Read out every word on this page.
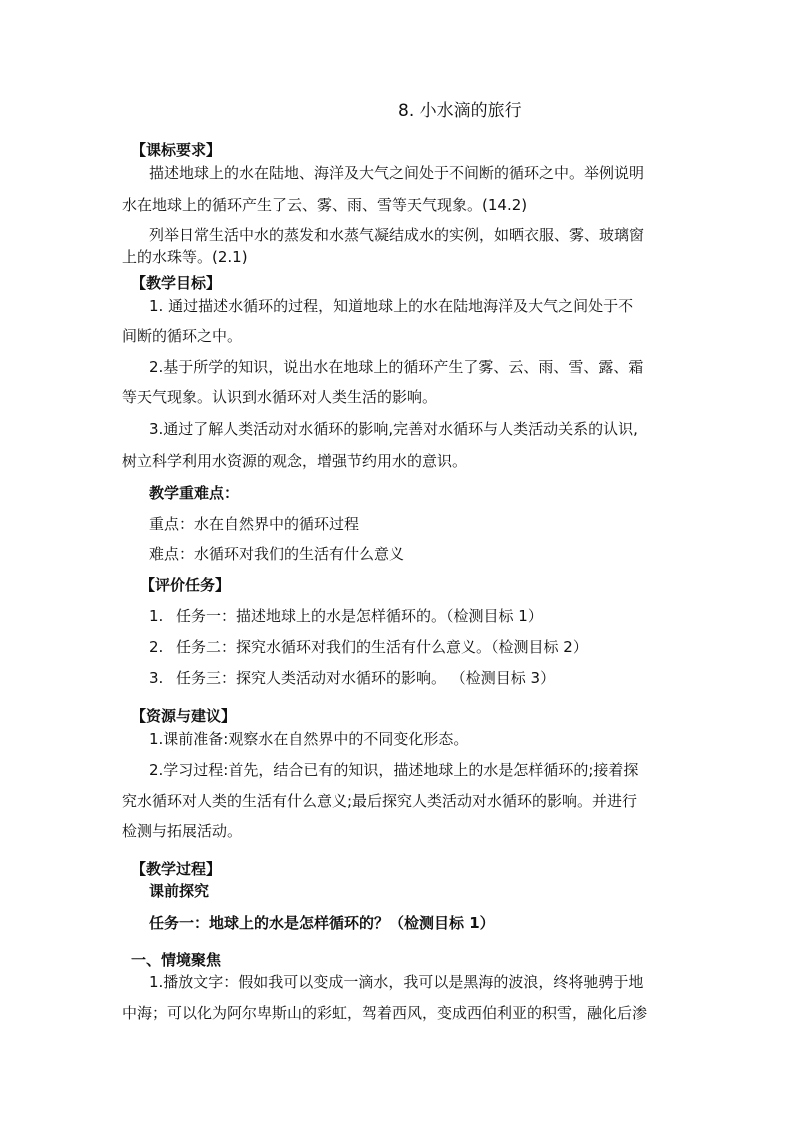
8. 小水滴的旅行
【课标要求】
描述地球上的水在陆地、海洋及大气之间处于不间断的循环之中。举例说明
水在地球上的循环产生了云、雾、雨、雪等天气现象。(14.2)
列举日常生活中水的蒸发和水蒸气凝结成水的实例，如晒衣服、雾、玻璃窗
上的水珠等。(2.1)
【教学目标】
1. 通过描述水循环的过程，知道地球上的水在陆地海洋及大气之间处于不
间断的循环之中。
2.基于所学的知识，说出水在地球上的循环产生了雾、云、雨、雪、露、霜
等天气现象。认识到水循环对人类生活的影响。
3.通过了解人类活动对水循环的影响,完善对水循环与人类活动关系的认识,
树立科学利用水资源的观念，增强节约用水的意识。
教学重难点：
重点：水在自然界中的循环过程
难点：水循环对我们的生活有什么意义
【评价任务】
1. 任务一：描述地球上的水是怎样循环的。（检测目标 1）
2. 任务二：探究水循环对我们的生活有什么意义。（检测目标 2）
3. 任务三：探究人类活动对水循环的影响。 （检测目标 3）
【资源与建议】
1.课前准备:观察水在自然界中的不同变化形态。
2.学习过程:首先，结合已有的知识，描述地球上的水是怎样循环的;接着探
究水循环对人类的生活有什么意义;最后探究人类活动对水循环的影响。并进行
检测与拓展活动。
【教学过程】
课前探究
任务一：地球上的水是怎样循环的？（检测目标 1）
一、情境聚焦
1.播放文字：假如我可以变成一滴水，我可以是黑海的波浪，终将驰骋于地
中海；可以化为阿尔卑斯山的彩虹，驾着西风，变成西伯利亚的积雪，融化后渗
